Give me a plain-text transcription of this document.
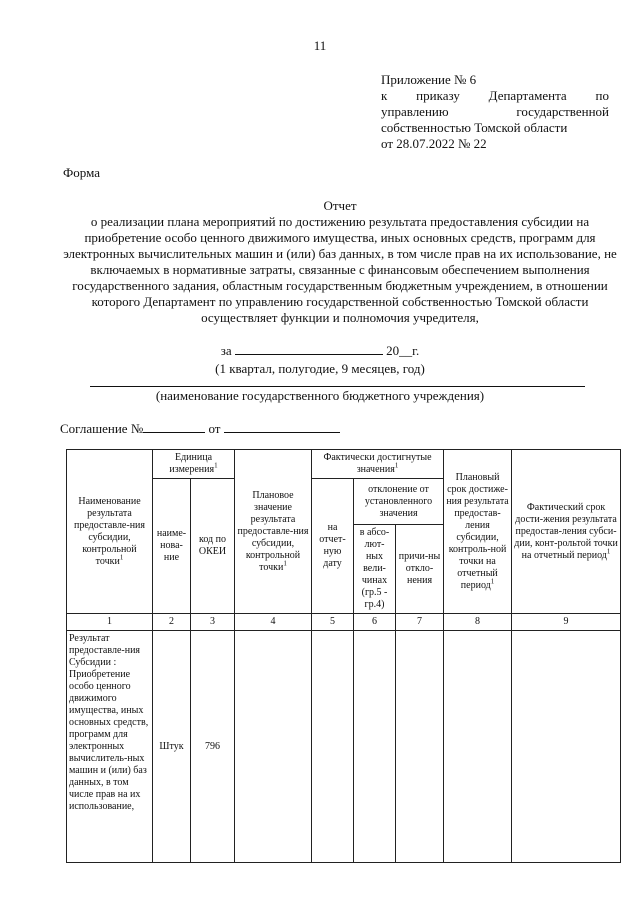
11
Приложение № 6
к приказу Департамента по
управлению государственной
собственностью Томской области
от 28.07.2022 № 22
Форма
Отчет
о реализации плана мероприятий по достижению результата предоставления субсидии на приобретение особо ценного движимого имущества, иных основных средств, программ для электронных вычислительных машин и (или) баз данных, в том числе прав на их использование, не включаемых в нормативные затраты, связанные с финансовым обеспечением выполнения государственного задания, областным государственным бюджетным учреждением, в отношении которого Департамент по управлению государственной собственностью Томской области осуществляет функции и полномочия учредителя,
за	20__г.
(1 квартал, полугодие, 9 месяцев, год)
(наименование государственного бюджетного учреждения)
Соглашение №	от
Наименование результата предоставле-ния субсидии, контрольной точки$^1$	Единица измерения$^1$		Плановое значение результата предоставле-ния субсидии, контрольной точки$^1$	Фактически достигнутые значения$^1$			Плановый срок достиже-ния результата предостав-ления субсидии, контроль-ной точки на отчетный период$^1$	Фактический срок дости-жения результата предостав-ления субси-дии, конт-рольтой точки на отчетный период$^1$
	наиме-нова-ние	код по ОКЕИ		на отчет-ную дату	отклонение от установленного значения			
					в абсо-лют-ных вели-чинах (гр.5 - гр.4)	причи-ны откло-нения		
1	2	3	4	5	6	7	8	9
Результат предоставле-ния Субсидии : Приобретение особо ценного движимого имущества, иных основных средств, программ для электронных вычислитель-ных машин и (или) баз данных, в том числе прав на их использование,	Штук	796						
